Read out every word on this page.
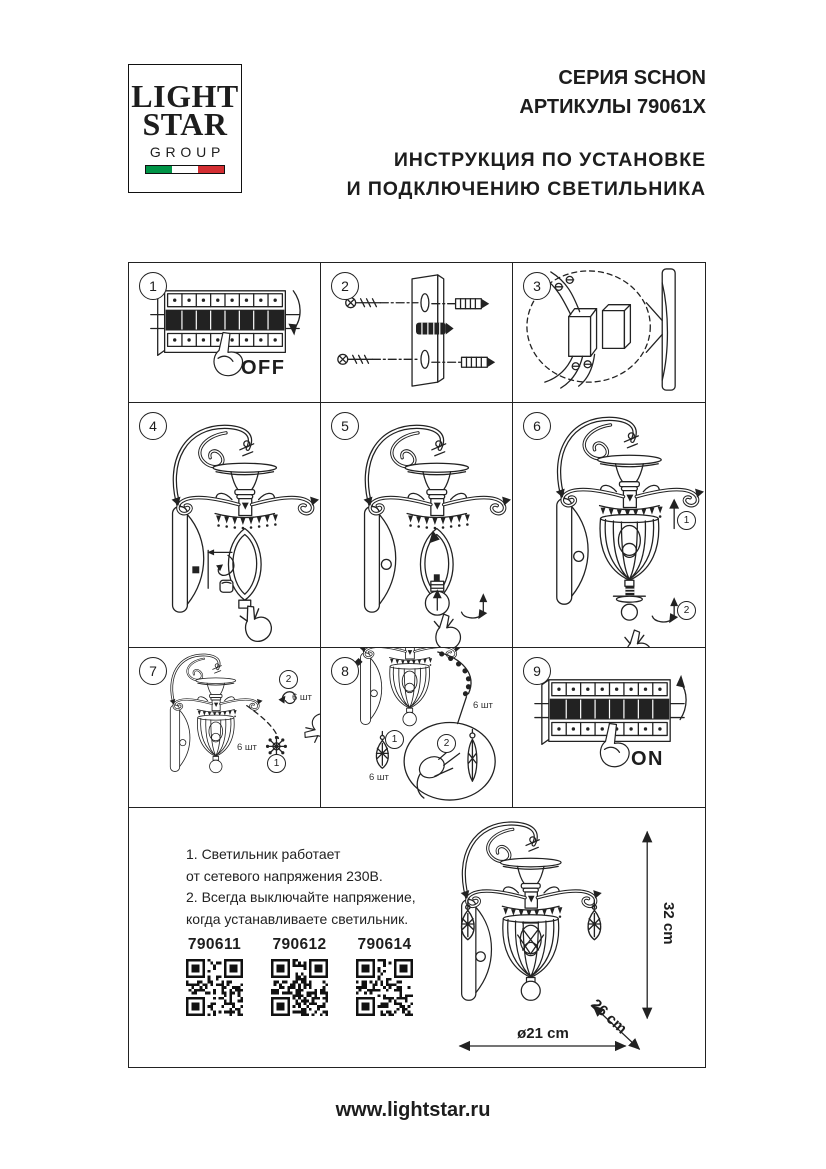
LIGHT
STAR
GROUP
СЕРИЯ SCHON
АРТИКУЛЫ 79061X
ИНСТРУКЦИЯ ПО УСТАНОВКЕ
И ПОДКЛЮЧЕНИЮ СВЕТИЛЬНИКА
1
OFF
2	3
4	5	6
1
2
7
2
6 шт
6 шт
1
8
1
6 шт
6 шт
2
9
ON
1. Светильник работает
от сетевого напряжения 230В.
2. Всегда выключайте напряжение,
когда устанавливаете светильник.
790611 790612 790614	32 cm
26 cm
ø21 cm
www.lightstar.ru
